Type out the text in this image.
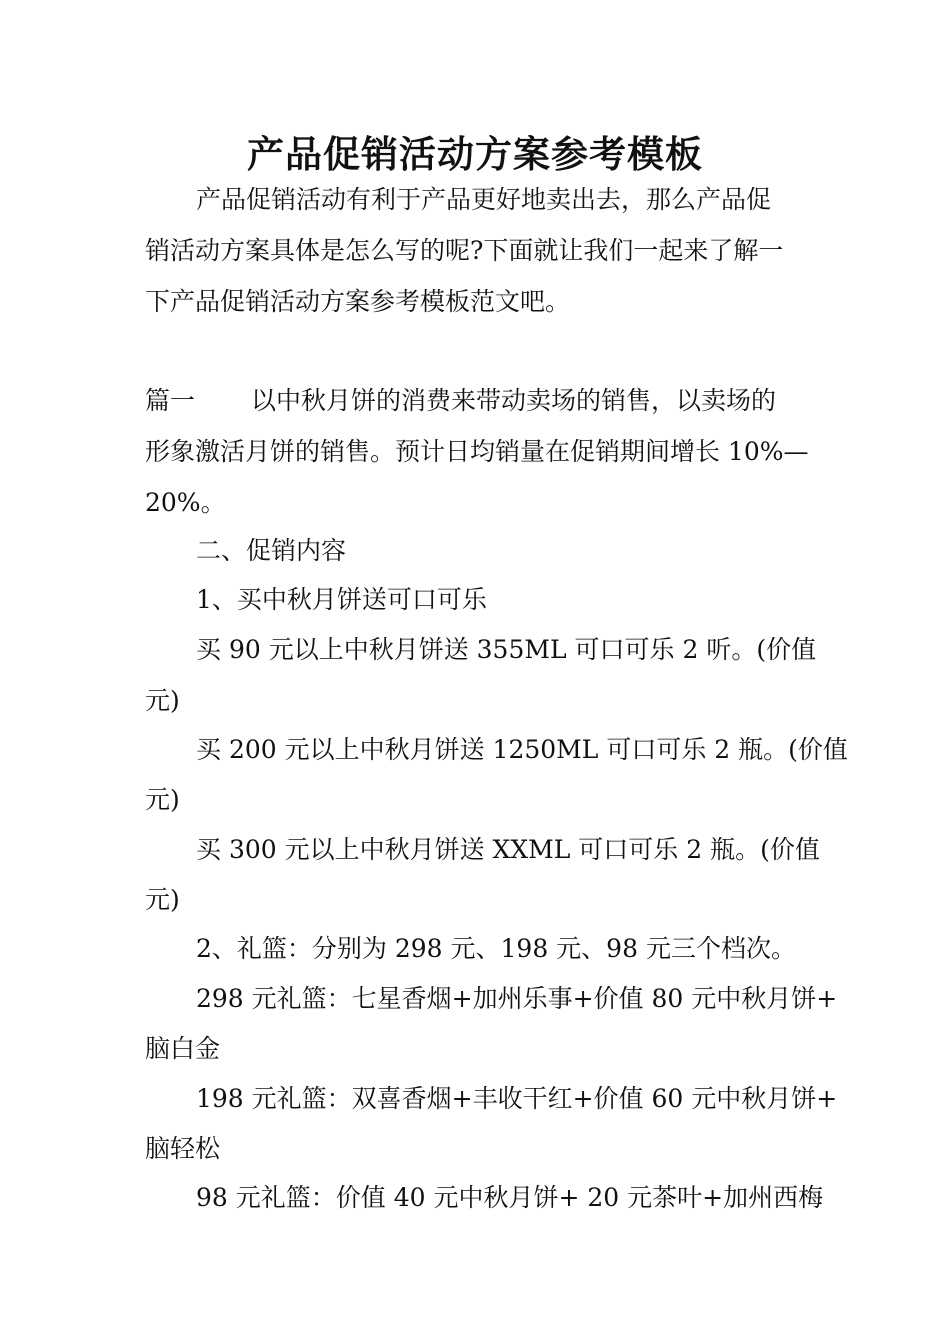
产品促销活动方案参考模板

产品促销活动有利于产品更好地卖出去，那么产品促

销活动方案具体是怎么写的呢?下面就让我们一起来了解一

下产品促销活动方案参考模板范文吧。

篇一 以中秋月饼的消费来带动卖场的销售，以卖场的

形象激活月饼的销售。预计日均销量在促销期间增长 10%—

20%。

二、促销内容

1、买中秋月饼送可口可乐

买 90 元以上中秋月饼送 355ML 可口可乐 2 听。(价值

元)

买 200 元以上中秋月饼送 1250ML 可口可乐 2 瓶。(价值

元)

买 300 元以上中秋月饼送 XXML 可口可乐 2 瓶。(价值

元)

2、礼篮：分别为 298 元、198 元、98 元三个档次。

298 元礼篮：七星香烟+加州乐事+价值 80 元中秋月饼+

脑白金

198 元礼篮：双喜香烟+丰收干红+价值 60 元中秋月饼+

脑轻松

98 元礼篮：价值 40 元中秋月饼+ 20 元茶叶+加州西梅
